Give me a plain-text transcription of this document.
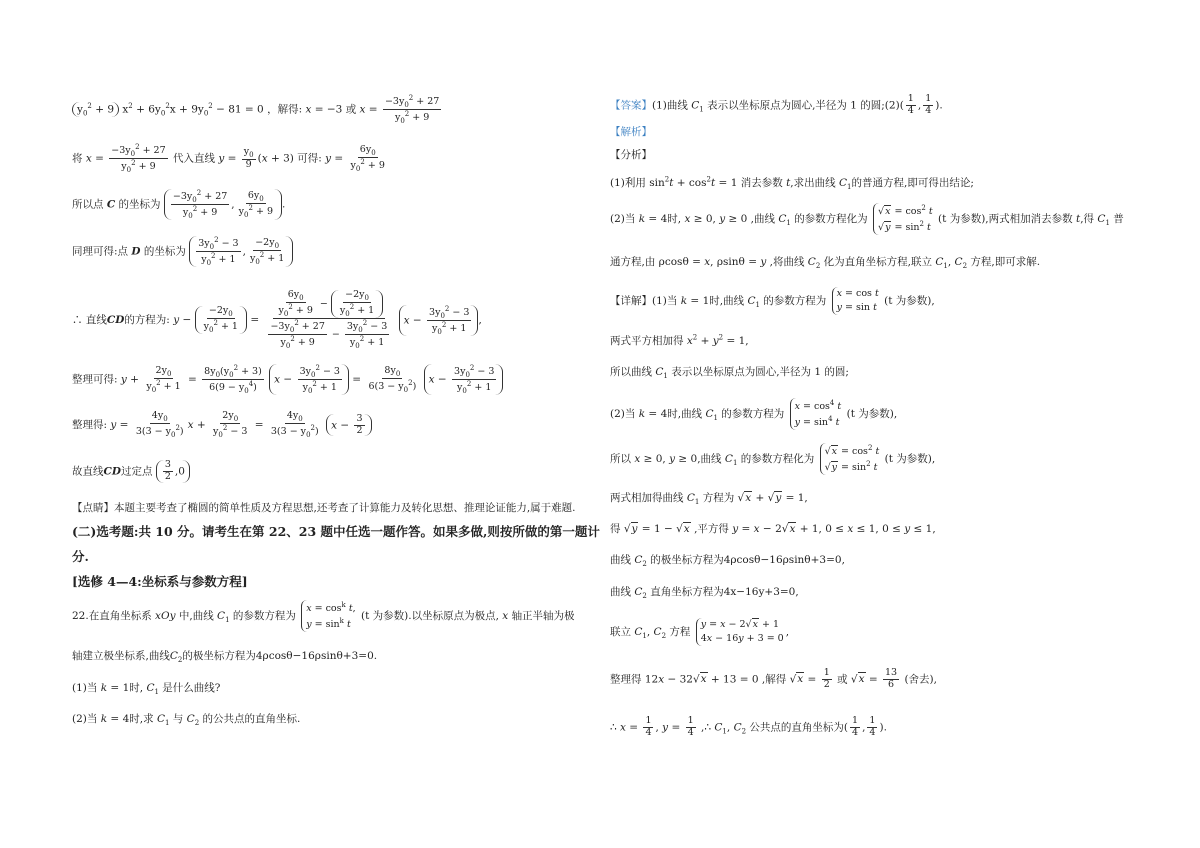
$y_0^2 + 9$ $x^2 + 6y_0^2x + 9y_0^2 - 81 = 0$ ，解得: x = −3 或 $x = \frac{-3y_0^2 + 27}{y_0^2 + 9}$
将 $x = \frac{-3y_0^2 + 27}{y_0^2 + 9}$ 代入直线 $y = \frac{y_0}{9} (x + 3)$ 可得: $y = \frac{6y_0}{y_0^2 + 9}$
所以点 C 的坐标为 $\frac{-3y_0^2 + 27}{y_0^2 + 9}$ , $\frac{6y_0}{y_0^2 + 9}$ .
同理可得:点 D 的坐标为 $\frac{3y_0^2 - 3}{y_0^2 + 1}$ , $\frac{-2y_0}{y_0^2 + 1}$
∴ 直线CD的方程为: $y - \frac{-2y_0}{y_0^2 + 1} = \frac{\frac{6y_0}{y_0^2 + 9} - \frac{-2y_0}{y_0^2 + 1}}{\frac{-3y_0^2 + 27}{y_0^2 + 9} - \frac{3y_0^2 - 3}{y_0^2 + 1}}$ $x - \frac{3y_0^2 - 3}{y_0^2 + 1}$ ,
整理可得: $y + \frac{2y_0}{y_0^2 + 1} = \frac{8y_0(y_0^2 + 3)}{6(9 - y_0^4)}$ $x - \frac{3y_0^2 - 3}{y_0^2 + 1} = \frac{8y_0}{6(3 - y_0^2)}$ $x - \frac{3y_0^2 - 3}{y_0^2 + 1}$
整理得: $y = \frac{4y_0}{3(3 - y_0^2)}$ $x + \frac{2y_0}{y_0^2 - 3} = \frac{4y_0}{3(3 - y_0^2)}$ $x - \frac{3}{2}$
故直线CD过定点 $\frac{3}{2} ,0$
【点睛】本题主要考查了椭圆的简单性质及方程思想,还考查了计算能力及转化思想、推理论证能力,属于难题.
(二)选考题:共 10 分。请考生在第 22、23 题中任选一题作答。如果多做,则按所做的第一题计
分.
[选修 4—4:坐标系与参数方程]
22.在直角坐标系 xOy 中,曲线 $C_1$ 的参数方程为 $x = \cos^k t$,
$y = \sin^k t$ (t 为参数).以坐标原点为极点, x 轴正半轴为极
轴建立极坐标系,曲线$C_2$的极坐标方程为4ρcosθ−16ρsinθ+3=0.
(1)当 k = 1时, $C_1$ 是什么曲线?
(2)当 k = 4时,求 $C_1$ 与 $C_2$ 的公共点的直角坐标.
【答案】(1)曲线 $C_1$ 表示以坐标原点为圆心,半径为 1 的圆;(2)( $\frac{1}{4}$ , $\frac{1}{4}$ ).
【解析】
【分析】
(1)利用 $\sin^2t + \cos^2t = 1$ 消去参数 t,求出曲线 $C_1$的普通方程,即可得出结论;
(2)当 k = 4时, x ≥ 0, y ≥ 0 ,曲线 $C_1$ 的参数方程化为 $√x = \cos^2 t$
$√y = \sin^2 t$ (t 为参数),两式相加消去参数 t,得 $C_1$ 普
通方程,由 ρcosθ = x, ρsinθ = y ,将曲线 $C_2$ 化为直角坐标方程,联立 $C_1$, $C_2$ 方程,即可求解.
【详解】(1)当 k = 1时,曲线 $C_1$ 的参数方程为 x = cos t
y = sin t (t 为参数),
两式平方相加得 $x^2 + y^2 = 1$,
所以曲线 $C_1$ 表示以坐标原点为圆心,半径为 1 的圆;
(2)当 k = 4时,曲线 $C_1$ 的参数方程为 $x = \cos^4 t$
$y = \sin^4 t$ (t 为参数),
所以 x ≥ 0, y ≥ 0,曲线 $C_1$ 的参数方程化为 $√x = \cos^2 t$
$√y = \sin^2 t$ (t 为参数),
两式相加得曲线 $C_1$ 方程为 √x + √y = 1,
得 √y = 1 − √x ,平方得 y = x − 2√x + 1, 0 ≤ x ≤ 1, 0 ≤ y ≤ 1,
曲线 $C_2$ 的极坐标方程为4ρcosθ−16ρsinθ+3=0,
曲线 $C_2$ 直角坐标方程为4x−16y+3=0,
联立 $C_1$, $C_2$ 方程 y = x − 2√x + 1
4x − 16y + 3 = 0,
整理得 12x − 32√x + 13 = 0 ,解得 $√x = \frac{1}{2}$ 或 $√x = \frac{13}{6}$ (舍去),
∴ $x = \frac{1}{4}$ , $y = \frac{1}{4}$ ,∴ $C_1$, $C_2$ 公共点的直角坐标为( $\frac{1}{4}$ , $\frac{1}{4}$ ).
